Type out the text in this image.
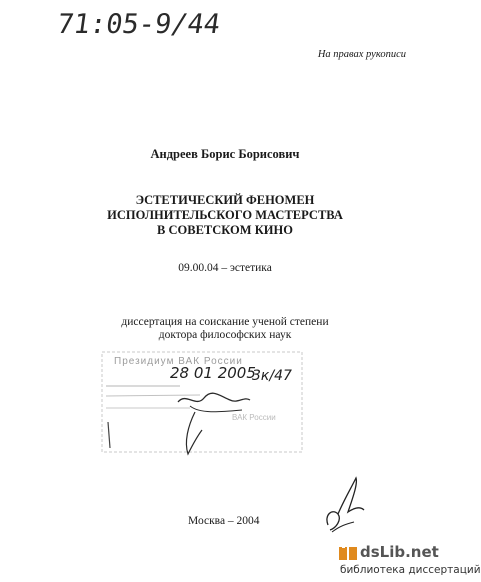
71:05-9/44
На правах рукописи
Андреев Борис Борисович
ЭСТЕТИЧЕСКИЙ ФЕНОМЕН
ИСПОЛНИТЕЛЬСКОГО МАСТЕРСТВА
В СОВЕТСКОМ КИНО
09.00.04 – эстетика
диссертация на соискание ученой степени
доктора философских наук
Президиум ВАК России
28 01 2005
3к/47
ВАК России
Москва – 2004
dsLib.net
библиотека диссертаций
